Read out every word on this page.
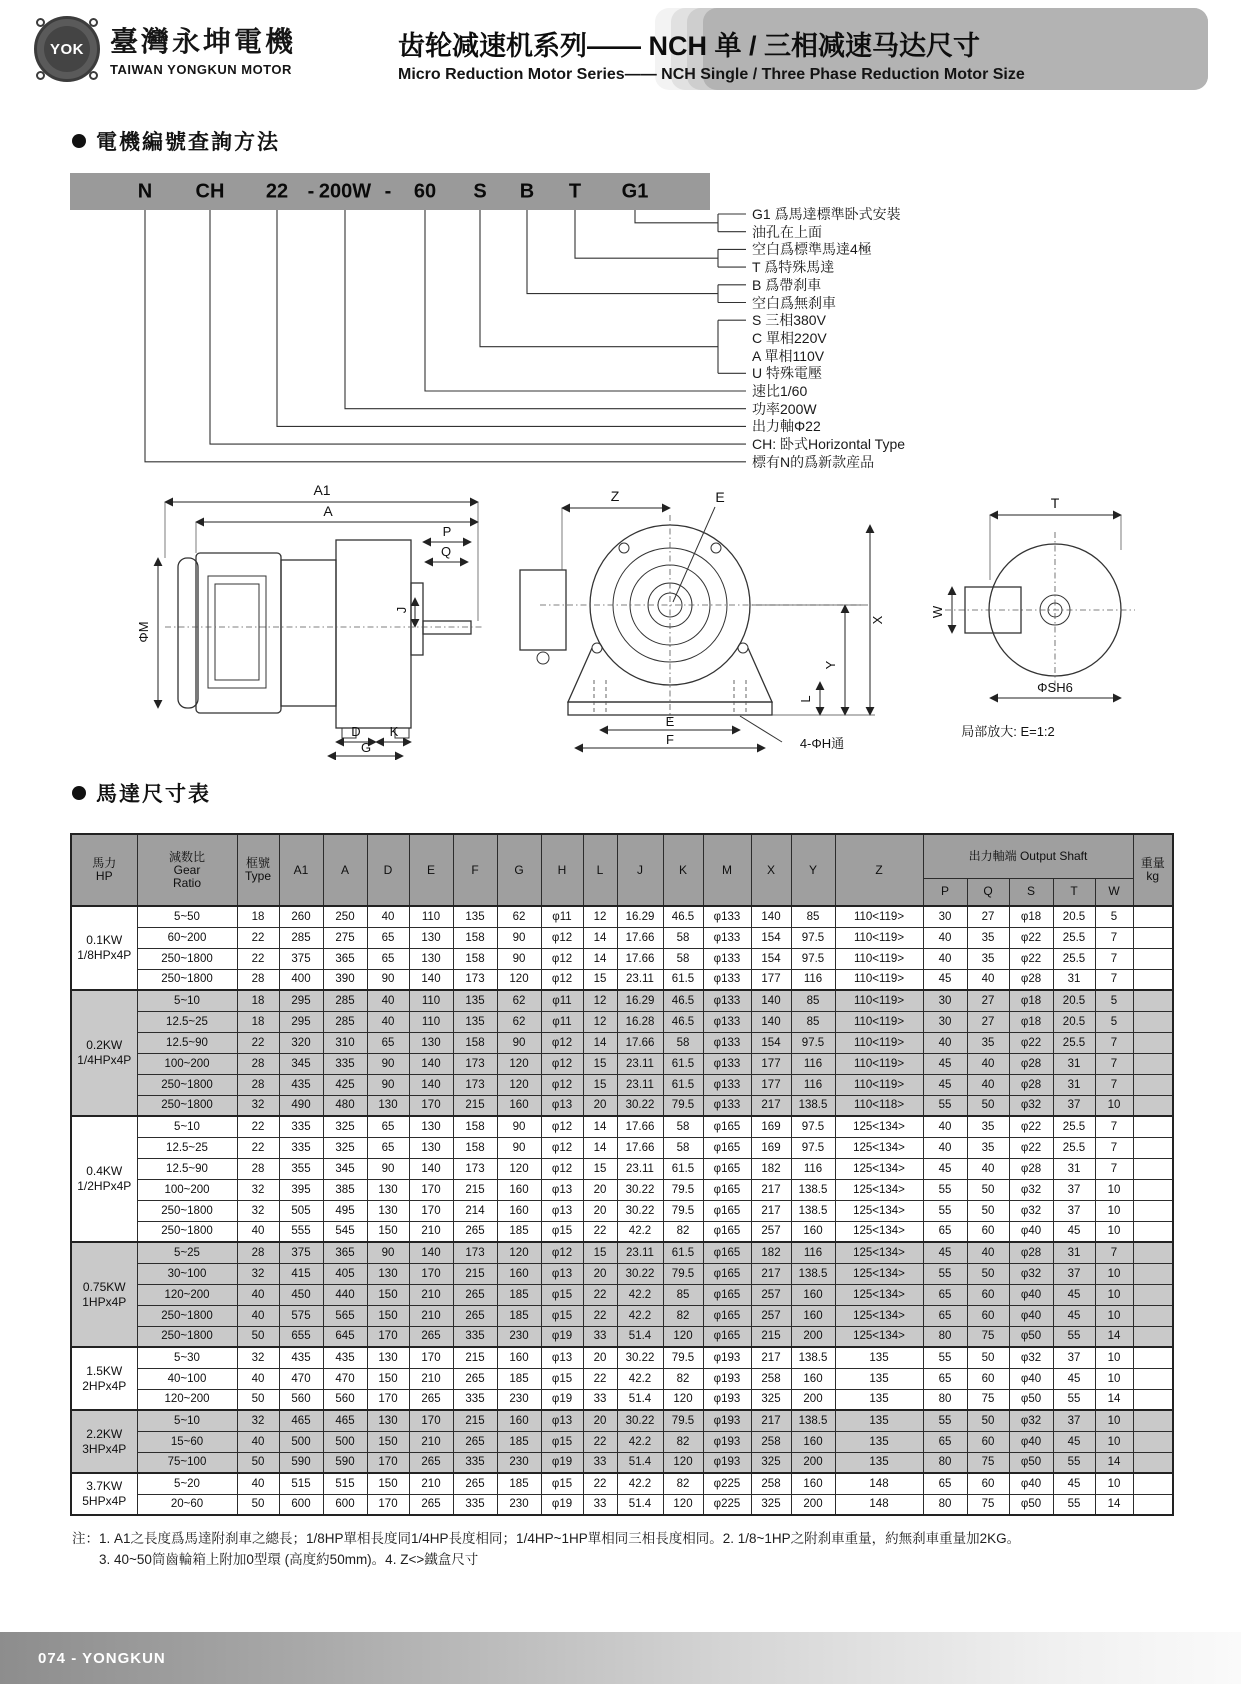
YOK 臺灣永坤電機
TAIWAN YONGKUN MOTOR
齿轮减速机系列—— NCH 单 / 三相减速马达尺寸
Micro Reduction Motor Series—— NCH Single / Three Phase Reduction Motor Size
電機編號查詢方法
N CH 22 - 200W - 60 S B T G1
G1 爲馬達標準卧式安裝
油孔在上面
空白爲標準馬達4極
T 爲特殊馬達
B 爲帶刹車
空白爲無刹車
S 三相380V
C 單相220V
A 單相110V
U 特殊電壓
速比1/60
功率200W
出力軸Φ22
CH: 卧式Horizontal Type
標有N的爲新款産品
A1
A
P
Q
ΦM
J
D K
G
Z	E
X
Y
L
E
F	4-ΦH通
T
W
ΦSH6
局部放大: E=1:2
馬達尺寸表
馬力
HP	減数比
Gear
Ratio	框號
Type	A1	A	D	E	F	G	H	L	J	K	M	X	Y	Z	出力軸端 Output Shaft					重量
kg
																	P	Q	S	T	W	

0.1KW
1/8HPx4P	5~50	18	260	250	40	110	135	62	φ11	12	16.29	46.5	φ133	140	85	110<119>	30	27	φ18	20.5	5	
	60~200	22	285	275	65	130	158	90	φ12	14	17.66	58	φ133	154	97.5	110<119>	40	35	φ22	25.5	7	
	250~1800	22	375	365	65	130	158	90	φ12	14	17.66	58	φ133	154	97.5	110<119>	40	35	φ22	25.5	7	
	250~1800	28	400	390	90	140	173	120	φ12	15	23.11	61.5	φ133	177	116	110<119>	45	40	φ28	31	7	

0.2KW
1/4HPx4P	5~10	18	295	285	40	110	135	62	φ11	12	16.29	46.5	φ133	140	85	110<119>	30	27	φ18	20.5	5	
	12.5~25	18	295	285	40	110	135	62	φ11	12	16.28	46.5	φ133	140	85	110<119>	30	27	φ18	20.5	5	
	12.5~90	22	320	310	65	130	158	90	φ12	14	17.66	58	φ133	154	97.5	110<119>	40	35	φ22	25.5	7	
	100~200	28	345	335	90	140	173	120	φ12	15	23.11	61.5	φ133	177	116	110<119>	45	40	φ28	31	7	
	250~1800	28	435	425	90	140	173	120	φ12	15	23.11	61.5	φ133	177	116	110<119>	45	40	φ28	31	7	
	250~1800	32	490	480	130	170	215	160	φ13	20	30.22	79.5	φ133	217	138.5	110<118>	55	50	φ32	37	10	

0.4KW
1/2HPx4P	5~10	22	335	325	65	130	158	90	φ12	14	17.66	58	φ165	169	97.5	125<134>	40	35	φ22	25.5	7	
	12.5~25	22	335	325	65	130	158	90	φ12	14	17.66	58	φ165	169	97.5	125<134>	40	35	φ22	25.5	7	
	12.5~90	28	355	345	90	140	173	120	φ12	15	23.11	61.5	φ165	182	116	125<134>	45	40	φ28	31	7	
	100~200	32	395	385	130	170	215	160	φ13	20	30.22	79.5	φ165	217	138.5	125<134>	55	50	φ32	37	10	
	250~1800	32	505	495	130	170	214	160	φ13	20	30.22	79.5	φ165	217	138.5	125<134>	55	50	φ32	37	10	
	250~1800	40	555	545	150	210	265	185	φ15	22	42.2	82	φ165	257	160	125<134>	65	60	φ40	45	10	

0.75KW
1HPx4P	5~25	28	375	365	90	140	173	120	φ12	15	23.11	61.5	φ165	182	116	125<134>	45	40	φ28	31	7	
	30~100	32	415	405	130	170	215	160	φ13	20	30.22	79.5	φ165	217	138.5	125<134>	55	50	φ32	37	10	
	120~200	40	450	440	150	210	265	185	φ15	22	42.2	85	φ165	257	160	125<134>	65	60	φ40	45	10	
	250~1800	40	575	565	150	210	265	185	φ15	22	42.2	82	φ165	257	160	125<134>	65	60	φ40	45	10	
	250~1800	50	655	645	170	265	335	230	φ19	33	51.4	120	φ165	215	200	125<134>	80	75	φ50	55	14	

1.5KW
2HPx4P	5~30	32	435	435	130	170	215	160	φ13	20	30.22	79.5	φ193	217	138.5	135	55	50	φ32	37	10	
	40~100	40	470	470	150	210	265	185	φ15	22	42.2	82	φ193	258	160	135	65	60	φ40	45	10	
	120~200	50	560	560	170	265	335	230	φ19	33	51.4	120	φ193	325	200	135	80	75	φ50	55	14	

2.2KW
3HPx4P	5~10	32	465	465	130	170	215	160	φ13	20	30.22	79.5	φ193	217	138.5	135	55	50	φ32	37	10	
	15~60	40	500	500	150	210	265	185	φ15	22	42.2	82	φ193	258	160	135	65	60	φ40	45	10	
	75~100	50	590	590	170	265	335	230	φ19	33	51.4	120	φ193	325	200	135	80	75	φ50	55	14	

3.7KW
5HPx4P	5~20	40	515	515	150	210	265	185	φ15	22	42.2	82	φ225	258	160	148	65	60	φ40	45	10	
	20~60	50	600	600	170	265	335	230	φ19	33	51.4	120	φ225	325	200	148	80	75	φ50	55	14	
注：1. A1之長度爲馬達附刹車之總長；1/8HP單相長度同1/4HP長度相同；1/4HP~1HP單相同三相長度相同。2. 1/8~1HP之附刹車重量，約無刹車重量加2KG。
3. 40~50筒齒輪箱上附加0型環 (高度約50mm)。4. Z<>鐵盒尺寸
074 - YONGKUN
